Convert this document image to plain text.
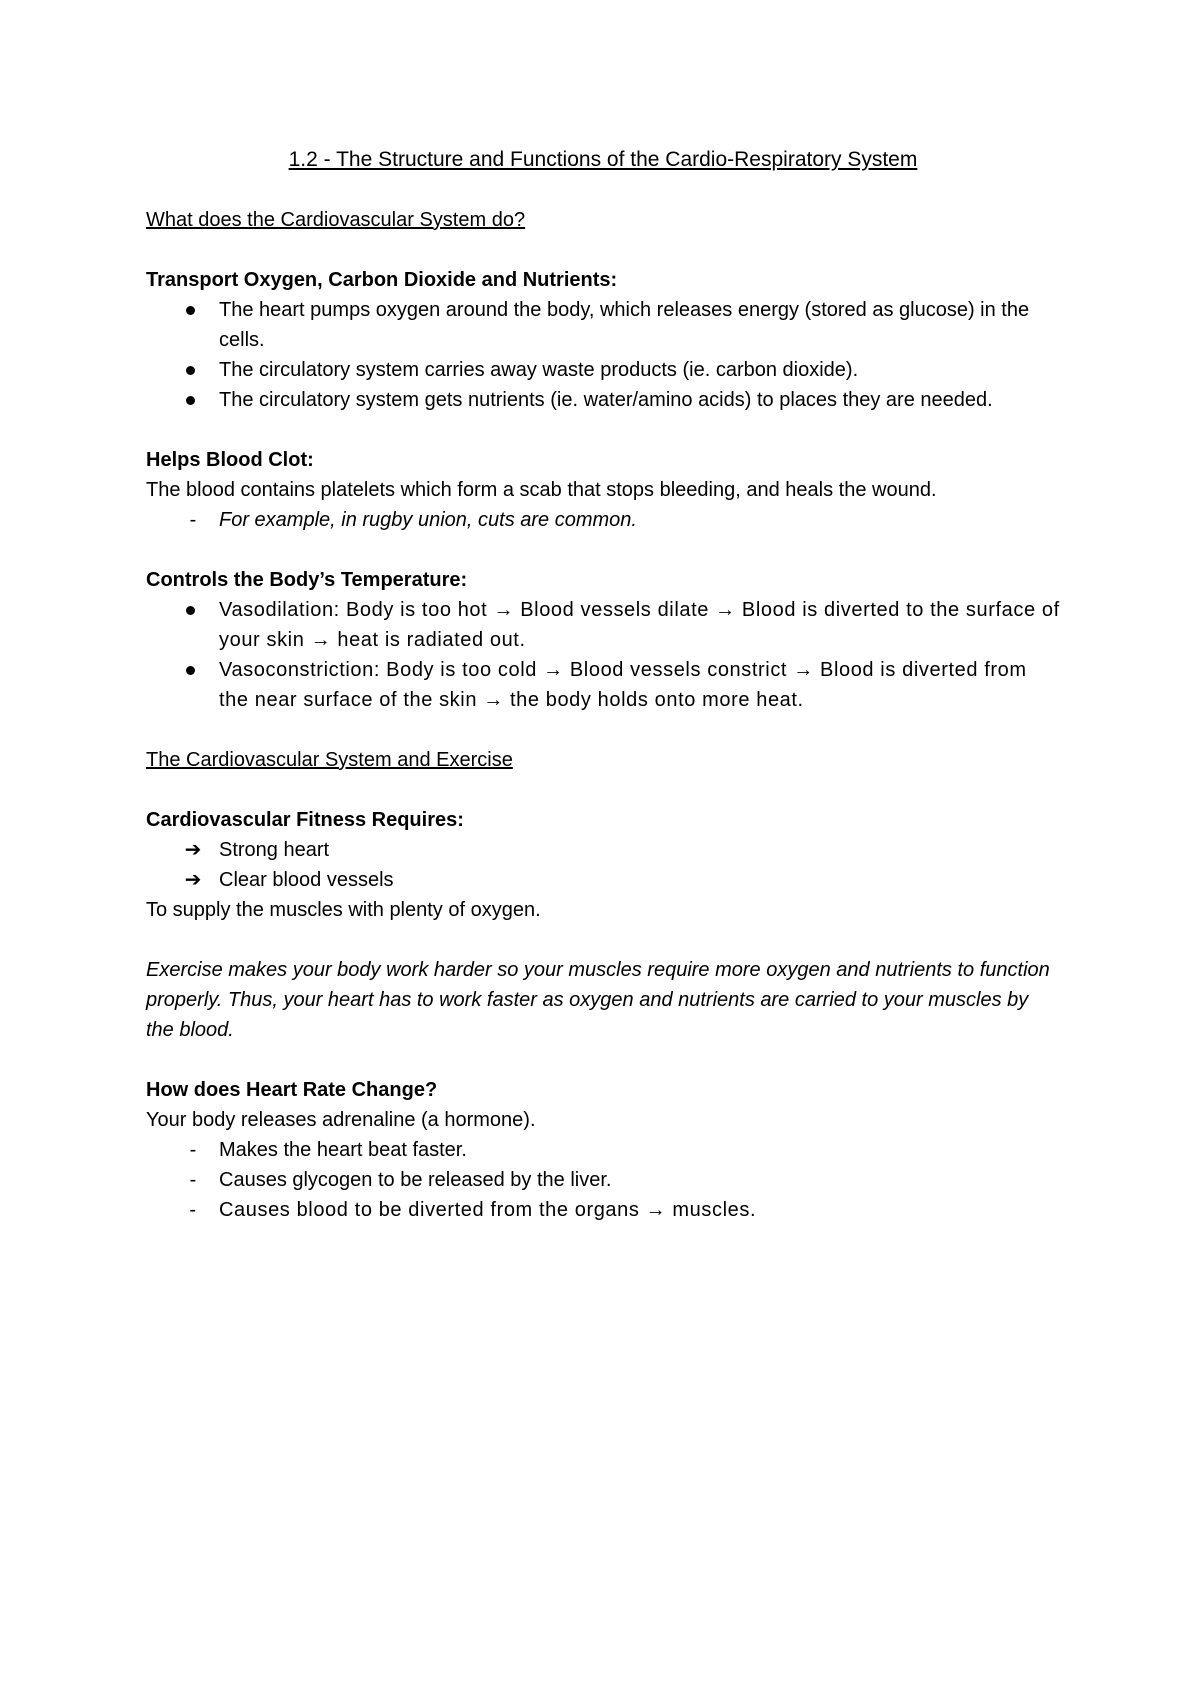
1.2 - The Structure and Functions of the Cardio-Respiratory System

What does the Cardiovascular System do?

Transport Oxygen, Carbon Dioxide and Nutrients:

The heart pumps oxygen around the body, which releases energy (stored as glucose) in the cells.
The circulatory system carries away waste products (ie. carbon dioxide).
The circulatory system gets nutrients (ie. water/amino acids) to places they are needed.

Helps Blood Clot:

The blood contains platelets which form a scab that stops bleeding, and heals the wound.

-	For example, in rugby union, cuts are common.

Controls the Body’s Temperature:

Vasodilation: Body is too hot → Blood vessels dilate → Blood is diverted to the surface of your skin → heat is radiated out.
Vasoconstriction: Body is too cold → Blood vessels constrict → Blood is diverted from the near surface of the skin → the body holds onto more heat.

The Cardiovascular System and Exercise

Cardiovascular Fitness Requires:

➔ Strong heart
➔ Clear blood vessels

To supply the muscles with plenty of oxygen.

Exercise makes your body work harder so your muscles require more oxygen and nutrients to function properly. Thus, your heart has to work faster as oxygen and nutrients are carried to your muscles by the blood.

How does Heart Rate Change?

Your body releases adrenaline (a hormone).

-	Makes the heart beat faster.
-	Causes glycogen to be released by the liver.
-	Causes blood to be diverted from the organs → muscles.
